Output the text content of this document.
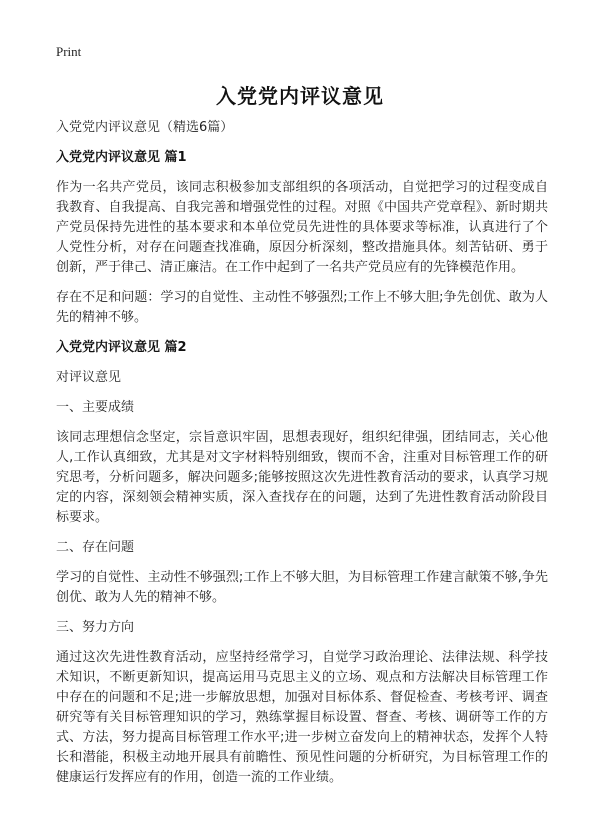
Print
入党党内评议意见

入党党内评议意见（精选6篇）

入党党内评议意见 篇1

作为一名共产党员，该同志积极参加支部组织的各项活动，自觉把学习的过程变成自我教育、自我提高、自我完善和增强党性的过程。对照《中国共产党章程》、新时期共产党员保持先进性的基本要求和本单位党员先进性的具体要求等标准，认真进行了个人党性分析，对存在问题查找准确，原因分析深刻，整改措施具体。刻苦钻研、勇于创新，严于律己、清正廉洁。在工作中起到了一名共产党员应有的先锋模范作用。

存在不足和问题：学习的自觉性、主动性不够强烈;工作上不够大胆;争先创优、敢为人先的精神不够。

入党党内评议意见 篇2

对评议意见

一、主要成绩

该同志理想信念坚定，宗旨意识牢固，思想表现好，组织纪律强，团结同志，关心他人,工作认真细致，尤其是对文字材料特别细致，锲而不舍，注重对目标管理工作的研究思考，分析问题多，解决问题多;能够按照这次先进性教育活动的要求，认真学习规定的内容，深刻领会精神实质，深入查找存在的问题，达到了先进性教育活动阶段目标要求。

二、存在问题

学习的自觉性、主动性不够强烈;工作上不够大胆，为目标管理工作建言献策不够,争先创优、敢为人先的精神不够。

三、努力方向

通过这次先进性教育活动，应坚持经常学习，自觉学习政治理论、法律法规、科学技术知识，不断更新知识，提高运用马克思主义的立场、观点和方法解决目标管理工作中存在的问题和不足;进一步解放思想，加强对目标体系、督促检查、考核考评、调查研究等有关目标管理知识的学习，熟练掌握目标设置、督查、考核、调研等工作的方式、方法，努力提高目标管理工作水平;进一步树立奋发向上的精神状态，发挥个人特长和潜能，积极主动地开展具有前瞻性、预见性问题的分析研究，为目标管理工作的健康运行发挥应有的作用，创造一流的工作业绩。
